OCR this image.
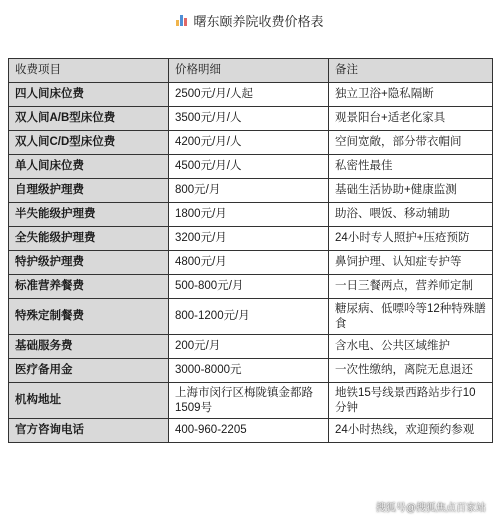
曙东颐养院收费价格表
收费项目	价格明细	备注
四人间床位费	2500元/月/人起	独立卫浴+隐私隔断
双人间A/B型床位费	3500元/月/人	观景阳台+适老化家具
双人间C/D型床位费	4200元/月/人	空间宽敞，部分带衣帽间
单人间床位费	4500元/月/人	私密性最佳
自理级护理费	800元/月	基础生活协助+健康监测
半失能级护理费	1800元/月	助浴、喂饭、移动辅助
全失能级护理费	3200元/月	24小时专人照护+压疮预防
特护级护理费	4800元/月	鼻饲护理、认知症专护等
标准营养餐费	500-800元/月	一日三餐两点，营养师定制
特殊定制餐费	800-1200元/月	糖尿病、低嘌呤等12种特殊膳食
基础服务费	200元/月	含水电、公共区域维护
医疗备用金	3000-8000元	一次性缴纳，离院无息退还
机构地址	上海市闵行区梅陇镇金都路1509号	地铁15号线景西路站步行10分钟
官方咨询电话	400-960-2205	24小时热线，欢迎预约参观
搜狐号@搜狐焦点百家站
